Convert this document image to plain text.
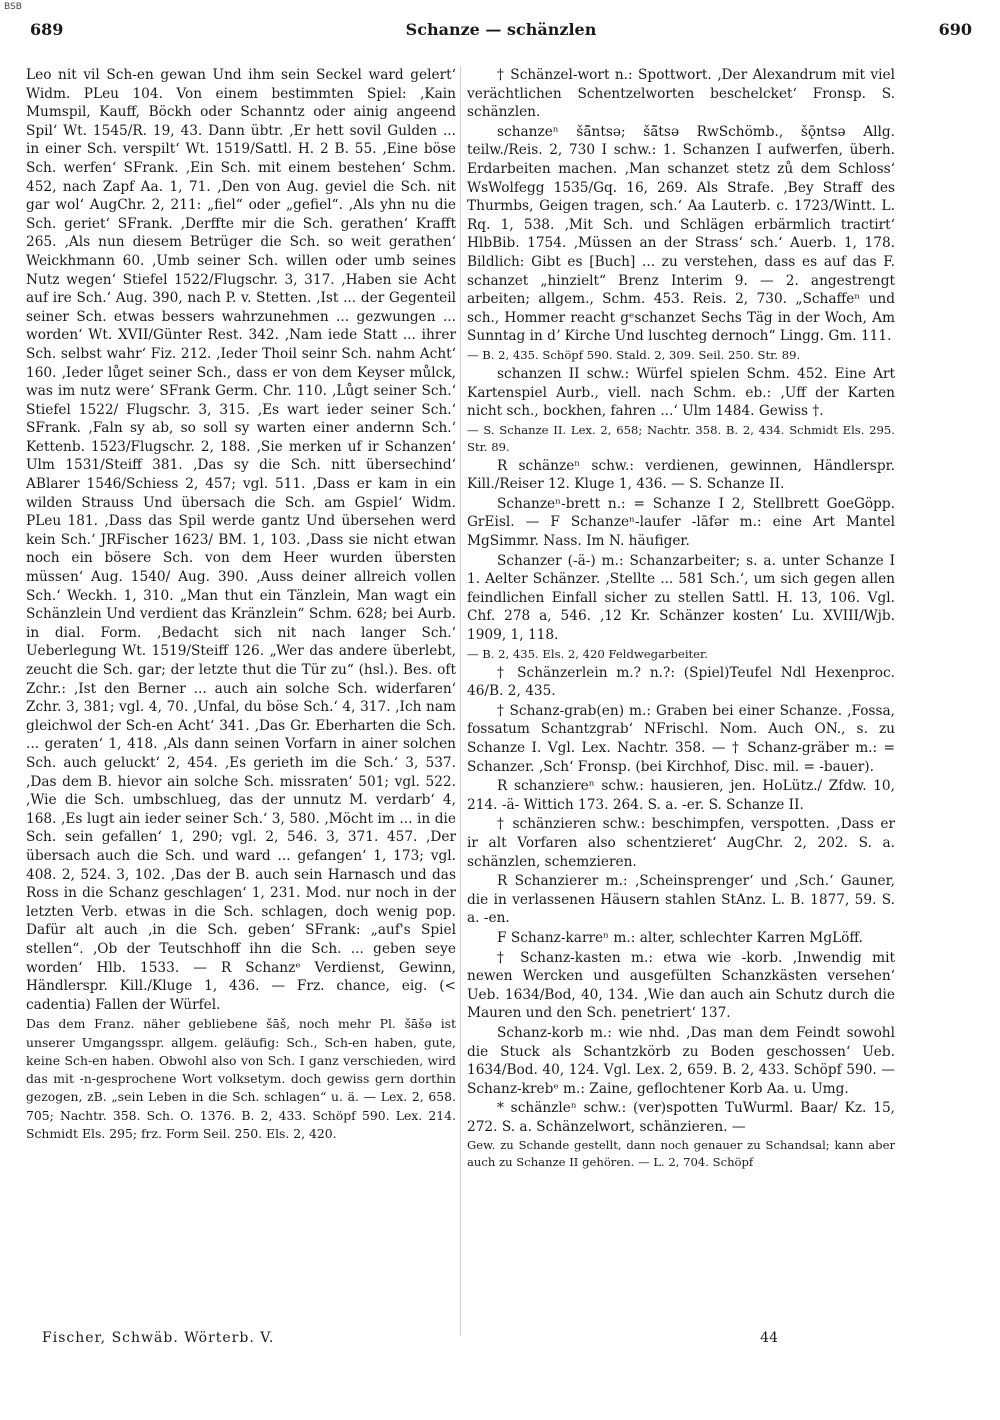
BSB
689	Schanze — schänzlen	690

Leo nit vil Sch-en gewan Und ihm sein Seckel ward gelert‘ Widm. PLeu 104. Von einem bestimmten Spiel: ‚Kain Mumspil, Kauff, Böckh oder Schanntz oder ainig angeend Spil‘ Wt. 1545/R. 19, 43. Dann übtr. ‚Er hett sovil Gulden ... in einer Sch. verspilt‘ Wt. 1519/Sattl. H. 2 B. 55. ‚Eine böse Sch. werfen‘ SFrank. ‚Ein Sch. mit einem bestehen‘ Schm. 452, nach Zapf Aa. 1, 71. ‚Den von Aug. geviel die Sch. nit gar wol‘ AugChr. 2, 211: „fiel“ oder „gefiel“. ‚Als yhn nu die Sch. geriet‘ SFrank. ‚Derffte mir die Sch. gerathen‘ Krafft 265. ‚Als nun diesem Betrüger die Sch. so weit gerathen‘ Weickhmann 60. ‚Umb seiner Sch. willen oder umb seines Nutz wegen‘ Stiefel 1522/Flugschr. 3, 317. ‚Haben sie Acht auf ire Sch.‘ Aug. 390, nach P. v. Stetten. ‚Ist ... der Gegenteil seiner Sch. etwas bessers wahrzunehmen ... gezwungen ... worden‘ Wt. XVII/Günter Rest. 342. ‚Nam iede Statt ... ihrer Sch. selbst wahr‘ Fiz. 212. ‚Ieder Thoil seinr Sch. nahm Acht‘ 160. ‚Ieder lůget seiner Sch., dass er von dem Keyser můlck, was im nutz were‘ SFrank Germ. Chr. 110. ‚Lůgt seiner Sch.‘ Stiefel 1522/ Flugschr. 3, 315. ‚Es wart ieder seiner Sch.‘ SFrank. ‚Faln sy ab, so soll sy warten einer andernn Sch.‘ Kettenb. 1523/Flugschr. 2, 188. ‚Sie merken uf ir Schanzen‘ Ulm 1531/Steiff 381. ‚Das sy die Sch. nitt übersechind‘ ABlarer 1546/Schiess 2, 457; vgl. 511. ‚Dass er kam in ein wilden Strauss Und übersach die Sch. am Gspiel‘ Widm. PLeu 181. ‚Dass das Spil werde gantz Und übersehen werd kein Sch.‘ JRFischer 1623/ BM. 1, 103. ‚Dass sie nicht etwan noch ein bösere Sch. von dem Heer wurden übersten müssen‘ Aug. 1540/ Aug. 390. ‚Auss deiner allreich vollen Sch.‘ Weckh. 1, 310. „Man thut ein Tänzlein, Man wagt ein Schänzlein Und verdient das Kränzlein“ Schm. 628; bei Aurb. in dial. Form. ‚Bedacht sich nit nach langer Sch.‘ Ueberlegung Wt. 1519/Steiff 126. „Wer das andere überlebt, zeucht die Sch. gar; der letzte thut die Tür zu“ (hsl.). Bes. oft Zchr.: ‚Ist den Berner ... auch ain solche Sch. widerfaren‘ Zchr. 3, 381; vgl. 4, 70. ‚Unfal, du böse Sch.‘ 4, 317. ‚Ich nam gleichwol der Sch-en Acht‘ 341. ‚Das Gr. Eberharten die Sch. ... geraten‘ 1, 418. ‚Als dann seinen Vorfarn in ainer solchen Sch. auch geluckt‘ 2, 454. ‚Es gerieth im die Sch.‘ 3, 537. ‚Das dem B. hievor ain solche Sch. missraten‘ 501; vgl. 522. ‚Wie die Sch. umbschlueg, das der unnutz M. verdarb‘ 4, 168. ‚Es lugt ain ieder seiner Sch.‘ 3, 580. ‚Möcht im ... in die Sch. sein gefallen‘ 1, 290; vgl. 2, 546. 3, 371. 457. ‚Der übersach auch die Sch. und ward ... gefangen‘ 1, 173; vgl. 408. 2, 524. 3, 102. ‚Das der B. auch sein Harnasch und das Ross in die Schanz geschlagen‘ 1, 231. Mod. nur noch in der letzten Verb. etwas in die Sch. schlagen, doch wenig pop. Dafür alt auch ‚in die Sch. geben‘ SFrank: „auf's Spiel stellen“. ‚Ob der Teutschhoff ihn die Sch. ... geben seye worden‘ Hlb. 1533. — R Schanzᵉ Verdienst, Gewinn, Händlerspr. Kill./Kluge 1, 436. — Frz. chance, eig. (< cadentia) Fallen der Würfel.

Das dem Franz. näher gebliebene šāš, noch mehr Pl. šāšǝ ist unserer Umgangsspr. allgem. geläufig: Sch., Sch-en haben, gute, keine Sch-en haben. Obwohl also von Sch. I ganz verschieden, wird das mit -n-gesprochene Wort volksetym. doch gewiss gern dorthin gezogen, zB. „sein Leben in die Sch. schlagen“ u. ä. — Lex. 2, 658. 705; Nachtr. 358. Sch. O. 1376. B. 2, 433. Schöpf 590. Lex. 214. Schmidt Els. 295; frz. Form Seil. 250. Els. 2, 420.

† Schänzel-wort n.: Spottwort. ‚Der Alexandrum mit viel verächtlichen Schentzelworten beschelcket‘ Fronsp. S. schänzlen.

schanzeⁿ šā̃ntsǝ; šā̃tsǝ RwSchömb., šǭntsǝ Allg. teilw./Reis. 2, 730 I schw.: 1. Schanzen I aufwerfen, überh. Erdarbeiten machen. ‚Man schanzet stetz zů dem Schloss‘ WsWolfegg 1535/Gq. 16, 269. Als Strafe. ‚Bey Straff des Thurmbs, Geigen tragen, sch.‘ Aa Lauterb. c. 1723/Wintt. L. Rq. 1, 538. ‚Mit Sch. und Schlägen erbärmlich tractirt‘ HlbBib. 1754. ‚Müssen an der Strass‘ sch.‘ Auerb. 1, 178. Bildlich: Gibt es [Buch] ... zu verstehen, dass es auf das F. schanzet „hinzielt“ Brenz Interim 9. — 2. angestrengt arbeiten; allgem., Schm. 453. Reis. 2, 730. „Schaffeⁿ und sch., Hommer reacht gᵉschanzet Sechs Täg in der Woch, Am Sunntag in dʼ Kirche Und luschteg dernoch“ Lingg. Gm. 111.

— B. 2, 435. Schöpf 590. Stald. 2, 309. Seil. 250. Str. 89.

schanzen II schw.: Würfel spielen Schm. 452. Eine Art Kartenspiel Aurb., viell. nach Schm. eb.: ‚Uff der Karten nicht sch., bockhen, fahren ...‘ Ulm 1484. Gewiss †.

— S. Schanze II. Lex. 2, 658; Nachtr. 358. B. 2, 434. Schmidt Els. 295. Str. 89.

R schänzeⁿ schw.: verdienen, gewinnen, Händlerspr. Kill./Reiser 12. Kluge 1, 436. — S. Schanze II.

Schanzeⁿ-brett n.: = Schanze I 2, Stellbrett GoeGöpp. GrEisl. — F Schanzeⁿ-laufer -lāfǝr m.: eine Art Mantel MgSimmr. Nass. Im N. häufiger.

Schanzer (-ä-) m.: Schanzarbeiter; s. a. unter Schanze I 1. Aelter Schänzer. ‚Stellte ... 581 Sch.‘, um sich gegen allen feindlichen Einfall sicher zu stellen Sattl. H. 13, 106. Vgl. Chf. 278 a, 546. ‚12 Kr. Schänzer kosten‘ Lu. XVIII/Wjb. 1909, 1, 118.

— B. 2, 435. Els. 2, 420 Feldwegarbeiter.

† Schänzerlein m.? n.?: (Spiel)Teufel Ndl Hexenproc. 46/B. 2, 435.

† Schanz-grab(en) m.: Graben bei einer Schanze. ‚Fossa, fossatum Schantzgrab‘ NFrischl. Nom. Auch ON., s. zu Schanze I. Vgl. Lex. Nachtr. 358. — † Schanz-gräber m.: = Schanzer. ‚Sch‘ Fronsp. (bei Kirchhof, Disc. mil. = -bauer).

R schanziereⁿ schw.: hausieren, jen. HoLütz./ Zfdw. 10, 214. -ä- Wittich 173. 264. S. a. -er. S. Schanze II.

† schänzieren schw.: beschimpfen, verspotten. ‚Dass er ir alt Vorfaren also schentzieret‘ AugChr. 2, 202. S. a. schänzlen, schemzieren.

R Schanzierer m.: ‚Scheinsprenger‘ und ‚Sch.‘ Gauner, die in verlassenen Häusern stahlen StAnz. L. B. 1877, 59. S. a. -en.

F Schanz-karreⁿ m.: alter, schlechter Karren MgLöff.

† Schanz-kasten m.: etwa wie -korb. ‚Inwendig mit newen Wercken und ausgefülten Schanzkästen versehen‘ Ueb. 1634/Bod, 40, 134. ‚Wie dan auch ain Schutz durch die Mauren und den Sch. penetriert‘ 137.

Schanz-korb m.: wie nhd. ‚Das man dem Feindt sowohl die Stuck als Schantzkörb zu Boden geschossen‘ Ueb. 1634/Bod. 40, 124. Vgl. Lex. 2, 659. B. 2, 433. Schöpf 590. — Schanz-krebᵉ m.: Zaine, geflochtener Korb Aa. u. Umg.

* schänzleⁿ schw.: (ver)spotten TuWurml. Baar/ Kz. 15, 272. S. a. Schänzelwort, schänzieren. —

Gew. zu Schande gestellt, dann noch genauer zu Schandsal; kann aber auch zu Schanze II gehören. — L. 2, 704. Schöpf

Fischer, Schwäb. Wörterb. V.	44
